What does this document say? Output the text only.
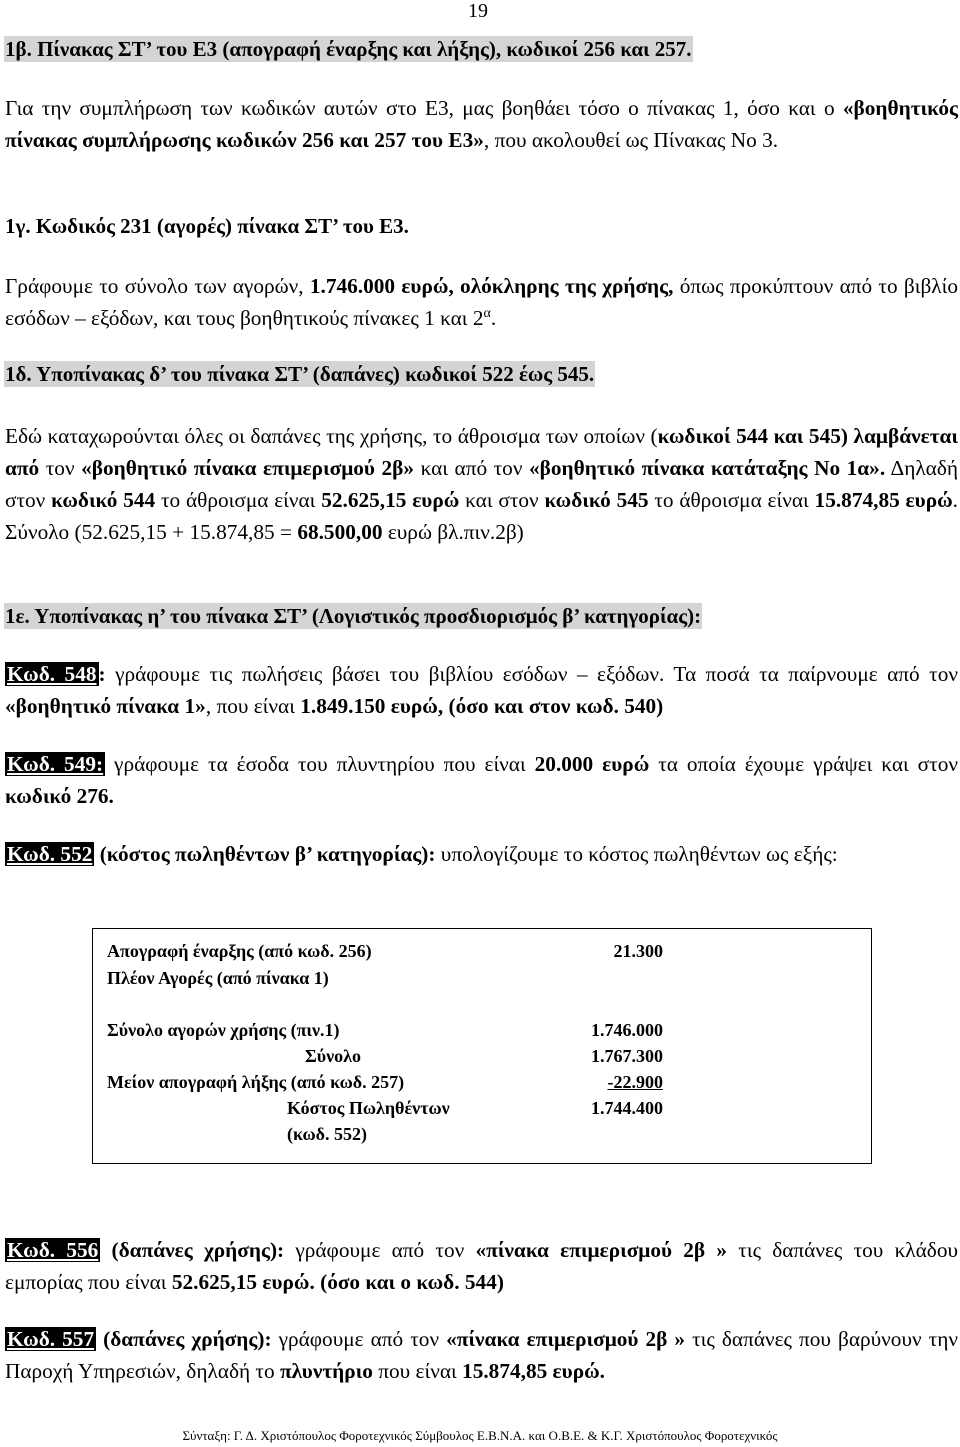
19
1β. Πίνακας ΣΤ’ του Ε3 (απογραφή έναρξης και λήξης), κωδικοί 256 και 257.
Για την συμπλήρωση των κωδικών αυτών στο Ε3, μας βοηθάει τόσο ο πίνακας 1, όσο και ο «βοηθητικός πίνακας συμπλήρωσης κωδικών 256 και 257 του Ε3», που ακολουθεί ως Πίνακας Νο 3.
1γ. Κωδικός 231 (αγορές) πίνακα ΣΤ’ του Ε3.
Γράφουμε το σύνολο των αγορών, 1.746.000 ευρώ, ολόκληρης της χρήσης, όπως προκύπτουν από το βιβλίο εσόδων – εξόδων, και τους βοηθητικούς πίνακες 1 και $2^\alpha$.
1δ. Υποπίνακας δ’ του πίνακα ΣΤ’ (δαπάνες) κωδικοί 522 έως 545.
Εδώ καταχωρούνται όλες οι δαπάνες της χρήσης, το άθροισμα των οποίων (κωδικοί 544 και 545) λαμβάνεται από τον «βοηθητικό πίνακα επιμερισμού 2β» και από τον «βοηθητικό πίνακα κατάταξης Νο 1α». Δηλαδή στον κωδικό 544 το άθροισμα είναι 52.625,15 ευρώ και στον κωδικό 545 το άθροισμα είναι 15.874,85 ευρώ. Σύνολο (52.625,15 + 15.874,85 = 68.500,00 ευρώ βλ.πιν.2β)
1ε. Υποπίνακας η’ του πίνακα ΣΤ’ (Λογιστικός προσδιορισμός β’ κατηγορίας):
Κωδ. 548: γράφουμε τις πωλήσεις βάσει του βιβλίου εσόδων – εξόδων. Τα ποσά τα παίρνουμε από τον «βοηθητικό πίνακα 1», που είναι 1.849.150 ευρώ, (όσο και στον κωδ. 540)
Κωδ. 549: γράφουμε τα έσοδα του πλυντηρίου που είναι 20.000 ευρώ τα οποία έχουμε γράψει και στον κωδικό 276.
Κωδ. 552 (κόστος πωληθέντων β’ κατηγορίας): υπολογίζουμε το κόστος πωληθέντων ως εξής:
Απογραφή έναρξης (από κωδ. 256)	21.300
Πλέον Αγορές (από πίνακα 1)
Σύνολο αγορών χρήσης (πιν.1)	1.746.000
Σύνολο	1.767.300
Μείον απογραφή λήξης (από κωδ. 257)	-22.900
Κόστος Πωληθέντων	1.744.400
(κωδ. 552)
Κωδ. 556 (δαπάνες χρήσης): γράφουμε από τον «πίνακα επιμερισμού 2β » τις δαπάνες του κλάδου εμπορίας που είναι 52.625,15 ευρώ. (όσο και ο κωδ. 544)
Κωδ. 557 (δαπάνες χρήσης): γράφουμε από τον «πίνακα επιμερισμού 2β » τις δαπάνες που βαρύνουν την Παροχή Υπηρεσιών, δηλαδή το πλυντήριο που είναι 15.874,85 ευρώ.
Σύνταξη: Γ. Δ. Χριστόπουλος Φοροτεχνικός Σύμβουλος Ε.Β.Ν.Α. και Ο.Β.Ε. & Κ.Γ. Χριστόπουλος Φοροτεχνικός
